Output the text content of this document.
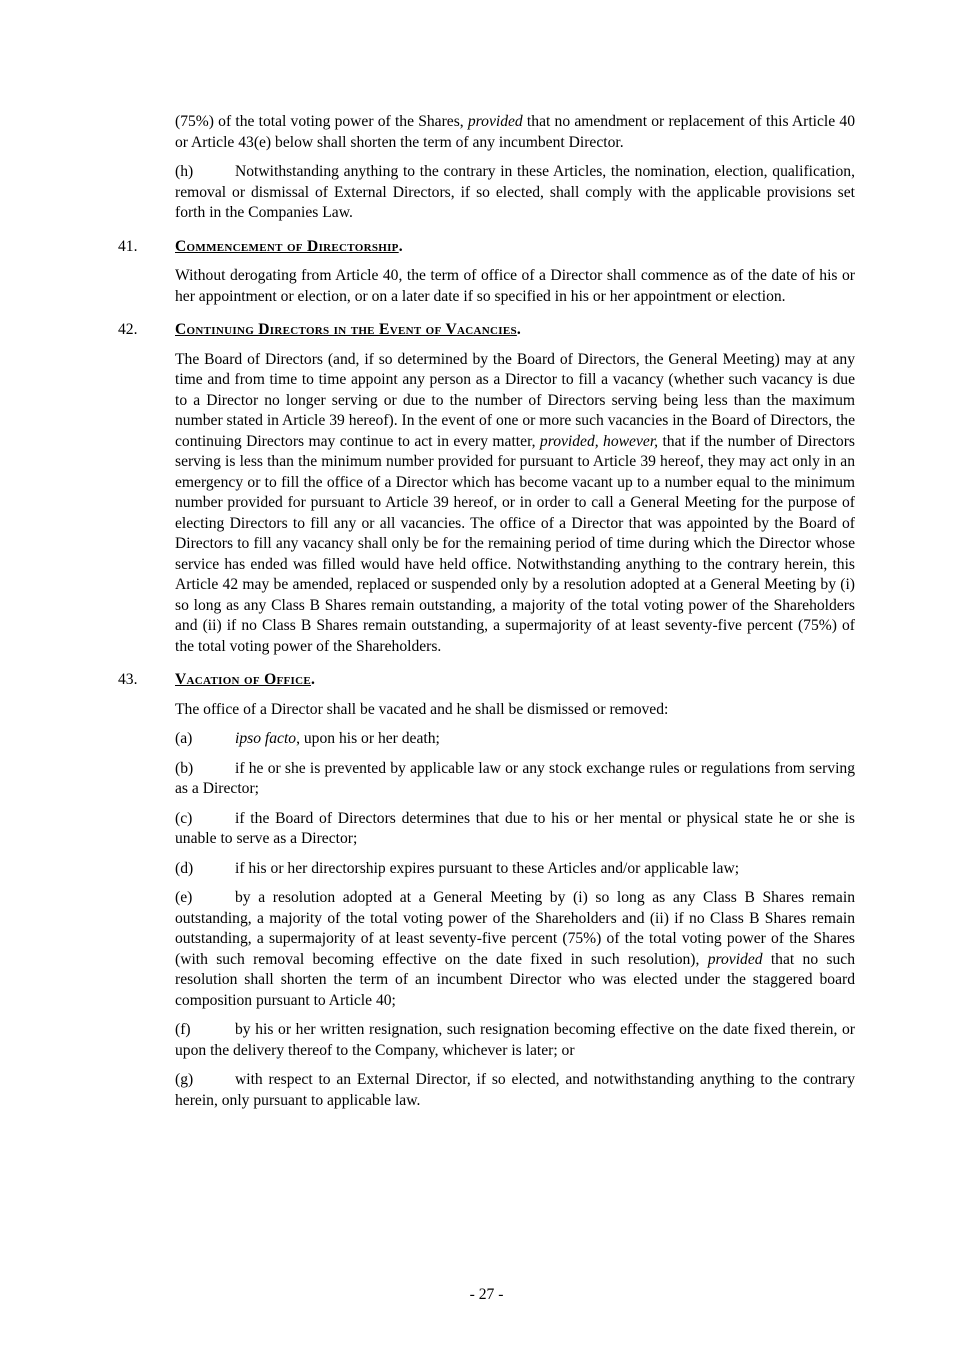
(75%) of the total voting power of the Shares, provided that no amendment or replacement of this Article 40 or Article 43(e) below shall shorten the term of any incumbent Director.

(h)	Notwithstanding anything to the contrary in these Articles, the nomination, election, qualification, removal or dismissal of External Directors, if so elected, shall comply with the applicable provisions set forth in the Companies Law.

41. Commencement of Directorship.

Without derogating from Article 40, the term of office of a Director shall commence as of the date of his or her appointment or election, or on a later date if so specified in his or her appointment or election.

42. Continuing Directors in the Event of Vacancies.

The Board of Directors (and, if so determined by the Board of Directors, the General Meeting) may at any time and from time to time appoint any person as a Director to fill a vacancy (whether such vacancy is due to a Director no longer serving or due to the number of Directors serving being less than the maximum number stated in Article 39 hereof). In the event of one or more such vacancies in the Board of Directors, the continuing Directors may continue to act in every matter, provided, however, that if the number of Directors serving is less than the minimum number provided for pursuant to Article 39 hereof, they may act only in an emergency or to fill the office of a Director which has become vacant up to a number equal to the minimum number provided for pursuant to Article 39 hereof, or in order to call a General Meeting for the purpose of electing Directors to fill any or all vacancies. The office of a Director that was appointed by the Board of Directors to fill any vacancy shall only be for the remaining period of time during which the Director whose service has ended was filled would have held office. Notwithstanding anything to the contrary herein, this Article 42 may be amended, replaced or suspended only by a resolution adopted at a General Meeting by (i) so long as any Class B Shares remain outstanding, a majority of the total voting power of the Shareholders and (ii) if no Class B Shares remain outstanding, a supermajority of at least seventy-five percent (75%) of the total voting power of the Shareholders.

43. Vacation of Office.

The office of a Director shall be vacated and he shall be dismissed or removed:

(a)	ipso facto, upon his or her death;

(b)	if he or she is prevented by applicable law or any stock exchange rules or regulations from serving as a Director;

(c)	if the Board of Directors determines that due to his or her mental or physical state he or she is unable to serve as a Director;

(d)	if his or her directorship expires pursuant to these Articles and/or applicable law;

(e)	by a resolution adopted at a General Meeting by (i) so long as any Class B Shares remain outstanding, a majority of the total voting power of the Shareholders and (ii) if no Class B Shares remain outstanding, a supermajority of at least seventy-five percent (75%) of the total voting power of the Shares (with such removal becoming effective on the date fixed in such resolution), provided that no such resolution shall shorten the term of an incumbent Director who was elected under the staggered board composition pursuant to Article 40;

(f)	by his or her written resignation, such resignation becoming effective on the date fixed therein, or upon the delivery thereof to the Company, whichever is later; or

(g)	with respect to an External Director, if so elected, and notwithstanding anything to the contrary herein, only pursuant to applicable law.

- 27 -
